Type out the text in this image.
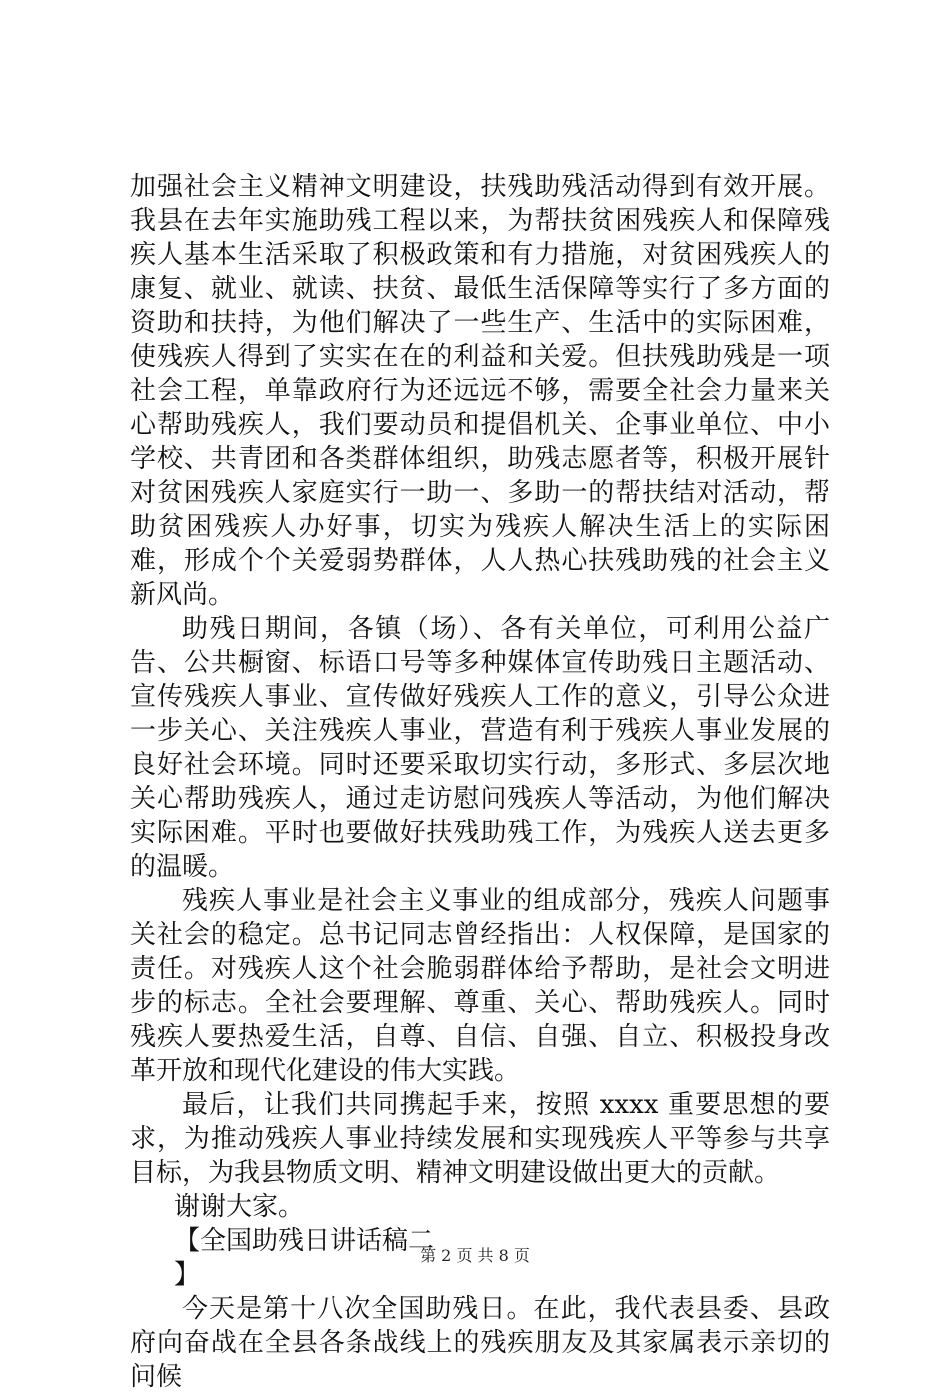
加强社会主义精神文明建设，扶残助残活动得到有效开展。我县在去年实施助残工程以来，为帮扶贫困残疾人和保障残疾人基本生活采取了积极政策和有力措施，对贫困残疾人的康复、就业、就读、扶贫、最低生活保障等实行了多方面的资助和扶持，为他们解决了一些生产、生活中的实际困难，使残疾人得到了实实在在的利益和关爱。但扶残助残是一项社会工程，单靠政府行为还远远不够，需要全社会力量来关心帮助残疾人，我们要动员和提倡机关、企事业单位、中小学校、共青团和各类群体组织，助残志愿者等，积极开展针对贫困残疾人家庭实行一助一、多助一的帮扶结对活动，帮助贫困残疾人办好事，切实为残疾人解决生活上的实际困难，形成个个关爱弱势群体，人人热心扶残助残的社会主义新风尚。

助残日期间，各镇（场）、各有关单位，可利用公益广告、公共橱窗、标语口号等多种媒体宣传助残日主题活动、宣传残疾人事业、宣传做好残疾人工作的意义，引导公众进一步关心、关注残疾人事业，营造有利于残疾人事业发展的良好社会环境。同时还要采取切实行动，多形式、多层次地关心帮助残疾人，通过走访慰问残疾人等活动，为他们解决实际困难。平时也要做好扶残助残工作，为残疾人送去更多的温暖。

残疾人事业是社会主义事业的组成部分，残疾人问题事关社会的稳定。总书记同志曾经指出：人权保障，是国家的责任。对残疾人这个社会脆弱群体给予帮助，是社会文明进步的标志。全社会要理解、尊重、关心、帮助残疾人。同时残疾人要热爱生活，自尊、自信、自强、自立、积极投身改革开放和现代化建设的伟大实践。

最后，让我们共同携起手来，按照 xxxx 重要思想的要求，为推动残疾人事业持续发展和实现残疾人平等参与共享目标，为我县物质文明、精神文明建设做出更大的贡献。

谢谢大家。

【全国助残日讲话稿二

】

今天是第十八次全国助残日。在此，我代表县委、县政府向奋战在全县各条战线上的残疾朋友及其家属表示亲切的问候

第 2 页 共 8 页
